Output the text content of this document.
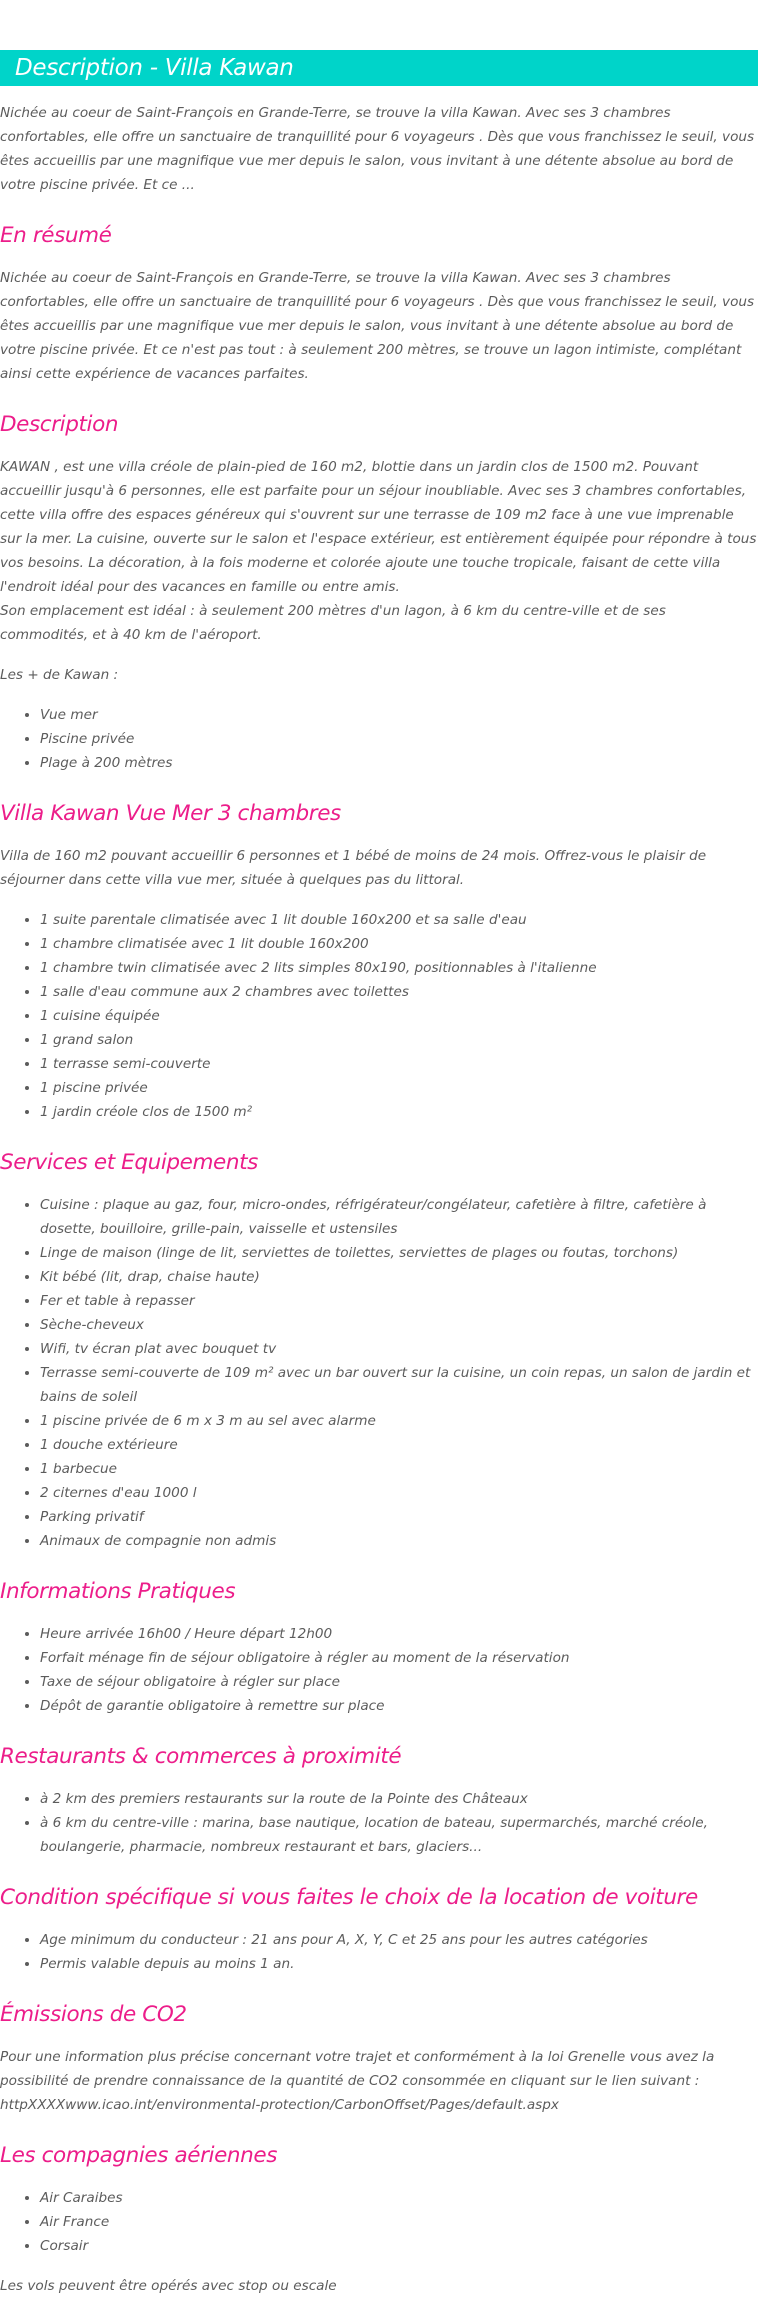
Description - Villa Kawan

Nichée au coeur de Saint-François en Grande-Terre, se trouve la villa Kawan. Avec ses 3 chambres confortables, elle offre un sanctuaire de tranquillité pour 6 voyageurs . Dès que vous franchissez le seuil, vous êtes accueillis par une magnifique vue mer depuis le salon, vous invitant à une détente absolue au bord de votre piscine privée. Et ce ...

En résumé

Nichée au coeur de Saint-François en Grande-Terre, se trouve la villa Kawan. Avec ses 3 chambres confortables, elle offre un sanctuaire de tranquillité pour 6 voyageurs . Dès que vous franchissez le seuil, vous êtes accueillis par une magnifique vue mer depuis le salon, vous invitant à une détente absolue au bord de votre piscine privée. Et ce n'est pas tout : à seulement 200 mètres, se trouve un lagon intimiste, complétant ainsi cette expérience de vacances parfaites.

Description

KAWAN , est une villa créole de plain-pied de 160 m2, blottie dans un jardin clos de 1500 m2. Pouvant accueillir jusqu'à 6 personnes, elle est parfaite pour un séjour inoubliable. Avec ses 3 chambres confortables, cette villa offre des espaces généreux qui s'ouvrent sur une terrasse de 109 m2 face à une vue imprenable sur la mer. La cuisine, ouverte sur le salon et l'espace extérieur, est entièrement équipée pour répondre à tous vos besoins. La décoration, à la fois moderne et colorée ajoute une touche tropicale, faisant de cette villa l'endroit idéal pour des vacances en famille ou entre amis.

Son emplacement est idéal : à seulement 200 mètres d'un lagon, à 6 km du centre-ville et de ses commodités, et à 40 km de l'aéroport.

Les + de Kawan :

• Vue mer
• Piscine privée
• Plage à 200 mètres
Villa Kawan Vue Mer 3 chambres

Villa de 160 m2 pouvant accueillir 6 personnes et 1 bébé de moins de 24 mois. Offrez-vous le plaisir de séjourner dans cette villa vue mer, située à quelques pas du littoral.

• 1 suite parentale climatisée avec 1 lit double 160x200 et sa salle d'eau
• 1 chambre climatisée avec 1 lit double 160x200
• 1 chambre twin climatisée avec 2 lits simples 80x190, positionnables à l'italienne
• 1 salle d'eau commune aux 2 chambres avec toilettes
• 1 cuisine équipée
• 1 grand salon
• 1 terrasse semi-couverte
• 1 piscine privée
• 1 jardin créole clos de 1500 m²
Services et Equipements
• Cuisine : plaque au gaz, four, micro-ondes, réfrigérateur/congélateur, cafetière à filtre, cafetière à dosette, bouilloire, grille-pain, vaisselle et ustensiles
• Linge de maison (linge de lit, serviettes de toilettes, serviettes de plages ou foutas, torchons)
• Kit bébé (lit, drap, chaise haute)
• Fer et table à repasser
• Sèche-cheveux
• Wifi, tv écran plat avec bouquet tv
• Terrasse semi-couverte de 109 m² avec un bar ouvert sur la cuisine, un coin repas, un salon de jardin et bains de soleil
• 1 piscine privée de 6 m x 3 m au sel avec alarme
• 1 douche extérieure
• 1 barbecue
• 2 citernes d'eau 1000 l
• Parking privatif
• Animaux de compagnie non admis
Informations Pratiques
• Heure arrivée 16h00 / Heure départ 12h00
• Forfait ménage fin de séjour obligatoire à régler au moment de la réservation
• Taxe de séjour obligatoire à régler sur place
• Dépôt de garantie obligatoire à remettre sur place
Restaurants & commerces à proximité
• à 2 km des premiers restaurants sur la route de la Pointe des Châteaux
• à 6 km du centre-ville : marina, base nautique, location de bateau, supermarchés, marché créole, boulangerie, pharmacie, nombreux restaurant et bars, glaciers...
Condition spécifique si vous faites le choix de la location de voiture
• Age minimum du conducteur : 21 ans pour A, X, Y, C et 25 ans pour les autres catégories
• Permis valable depuis au moins 1 an.
Émissions de CO2

Pour une information plus précise concernant votre trajet et conformément à la loi Grenelle vous avez la possibilité de prendre connaissance de la quantité de CO2 consommée en cliquant sur le lien suivant : httpXXXXwww.icao.int/environmental-protection/CarbonOffset/Pages/default.aspx

Les compagnies aériennes
• Air Caraibes
• Air France
• Corsair

Les vols peuvent être opérés avec stop ou escale
